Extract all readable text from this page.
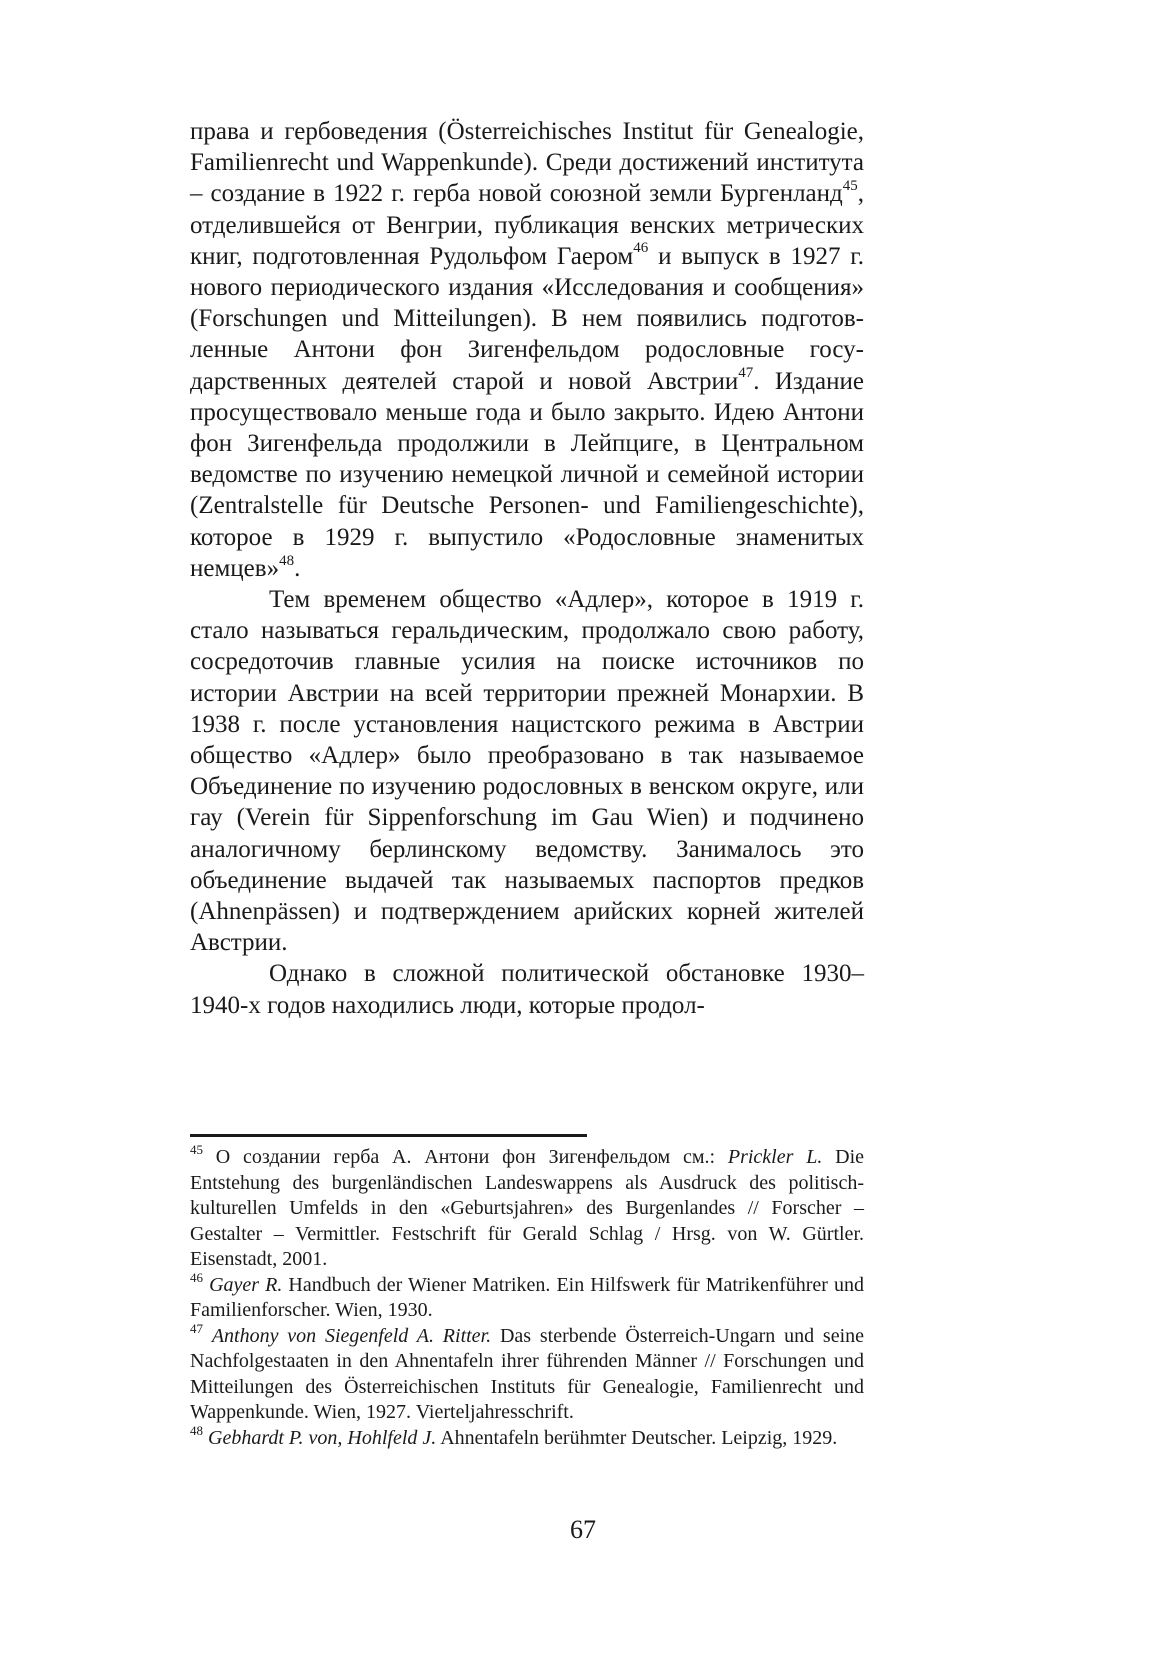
права и гербоведения (Österreichisches Institut für Genealogie, Familienrecht und Wappenkunde). Среди достижений института – создание в 1922 г. герба новой союзной земли Бургенланд$^{45}$, отделившейся от Венгрии, публикация венских метрических книг, подготовленная Рудольфом Гаером$^{46}$ и выпуск в 1927 г. нового периодического издания «Исследования и сообщения» (Forschungen und Mitteilungen). В нем появились подготовленные Антони фон Зигенфельдом родословные государственных деятелей старой и новой Австрии$^{47}$. Издание просуществовало меньше года и было закрыто. Идею Антони фон Зигенфельда продолжили в Лейпциге, в Центральном ведомстве по изучению немецкой личной и семейной истории (Zentralstelle für Deutsche Personen- und Familiengeschichte), которое в 1929 г. выпустило «Родословные знаменитых немцев»$^{48}$.

Тем временем общество «Адлер», которое в 1919 г. стало называться геральдическим, продолжало свою работу, сосредоточив главные усилия на поиске источников по истории Австрии на всей территории прежней Монархии. В 1938 г. после установления нацистского режима в Австрии общество «Адлер» было преобразовано в так называемое Объединение по изучению родословных в венском округе, или гау (Verein für Sippenforschung im Gau Wien) и подчинено аналогичному берлинскому ведомству. Занималось это объединение выдачей так называемых паспортов предков (Ahnenpässen) и подтверждением арийских корней жителей Австрии.

Однако в сложной политической обстановке 1930–1940-х годов находились люди, которые продол-

$^{45}$ О создании герба А. Антони фон Зигенфельдом см.: Prickler L. Die Entstehung des burgenländischen Landeswappens als Ausdruck des politisch-kulturellen Umfelds in den «Geburtsjahren» des Burgenlandes // Forscher – Gestalter – Vermittler. Festschrift für Gerald Schlag / Hrsg. von W. Gürtler. Eisenstadt, 2001.

$^{46}$ Gayer R. Handbuch der Wiener Matriken. Ein Hilfswerk für Matrikenführer und Familienforscher. Wien, 1930.

$^{47}$ Anthony von Siegenfeld A. Ritter. Das sterbende Österreich-Ungarn und seine Nachfolgestaaten in den Ahnentafeln ihrer führenden Männer // Forschungen und Mitteilungen des Österreichischen Instituts für Genealogie, Familienrecht und Wappenkunde. Wien, 1927. Vierteljahresschrift.

$^{48}$ Gebhardt P. von, Hohlfeld J. Ahnentafeln berühmter Deutscher. Leipzig, 1929.

67
